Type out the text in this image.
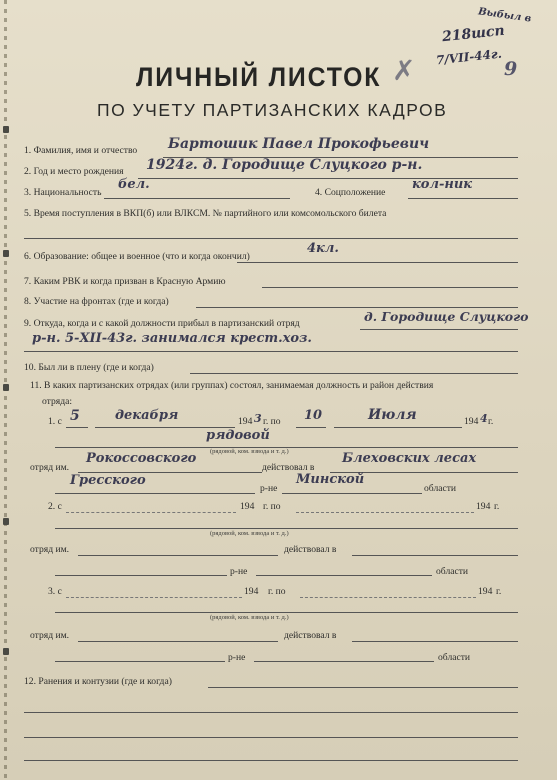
Выбыл в
218шсп
7/VII-44г.
9
ЛИЧНЫЙ ЛИСТОК ✗
ПО УЧЕТУ ПАРТИЗАНСКИХ КАДРОВ
1. Фамилия, имя и отчество Бартошик Павел Прокофьевич
2. Год и место рождения 1924г. д. Городище Слуцкого р-н.
3. Национальность
бел.
4. Соцположение
кол-ник
5. Время поступления в ВКП(б) или ВЛКСМ. № партийного или комсомольского билета
6. Образование: общее и военное (что и когда окончил)
4кл.
7. Каким РВК и когда призван в Красную Армию
8. Участие на фронтах (где и когда)
9. Откуда, когда и с какой должности прибыл в партизанский отряд	д. Городище Слуцкого
р-н. 5-XII-43г. занимался крест.хоз.
10. Был ли в плену (где и когда)
11. В каких партизанских отрядах (или группах) состоял, занимаемая должность и район действия
отряда:
1. с 5	декабря	194 3 г. по 10	Июля	194 4 г.
рядовой
(рядовой, ком. взвода и т. д.)
отряд им.
Рокоссовского
действовал в
Блеховских лесах
Гресского
р-не
Минской
области
2. с	194 г. по	194 г.
(рядовой, ком. взвода и т. д.)
отряд им.	действовал в
р-не	области
3. с	194 г. по	194 г.
(рядовой, ком. взвода и т. д.)
отряд им.	действовал в
р-не	области
12. Ранения и контузии (где и когда)
